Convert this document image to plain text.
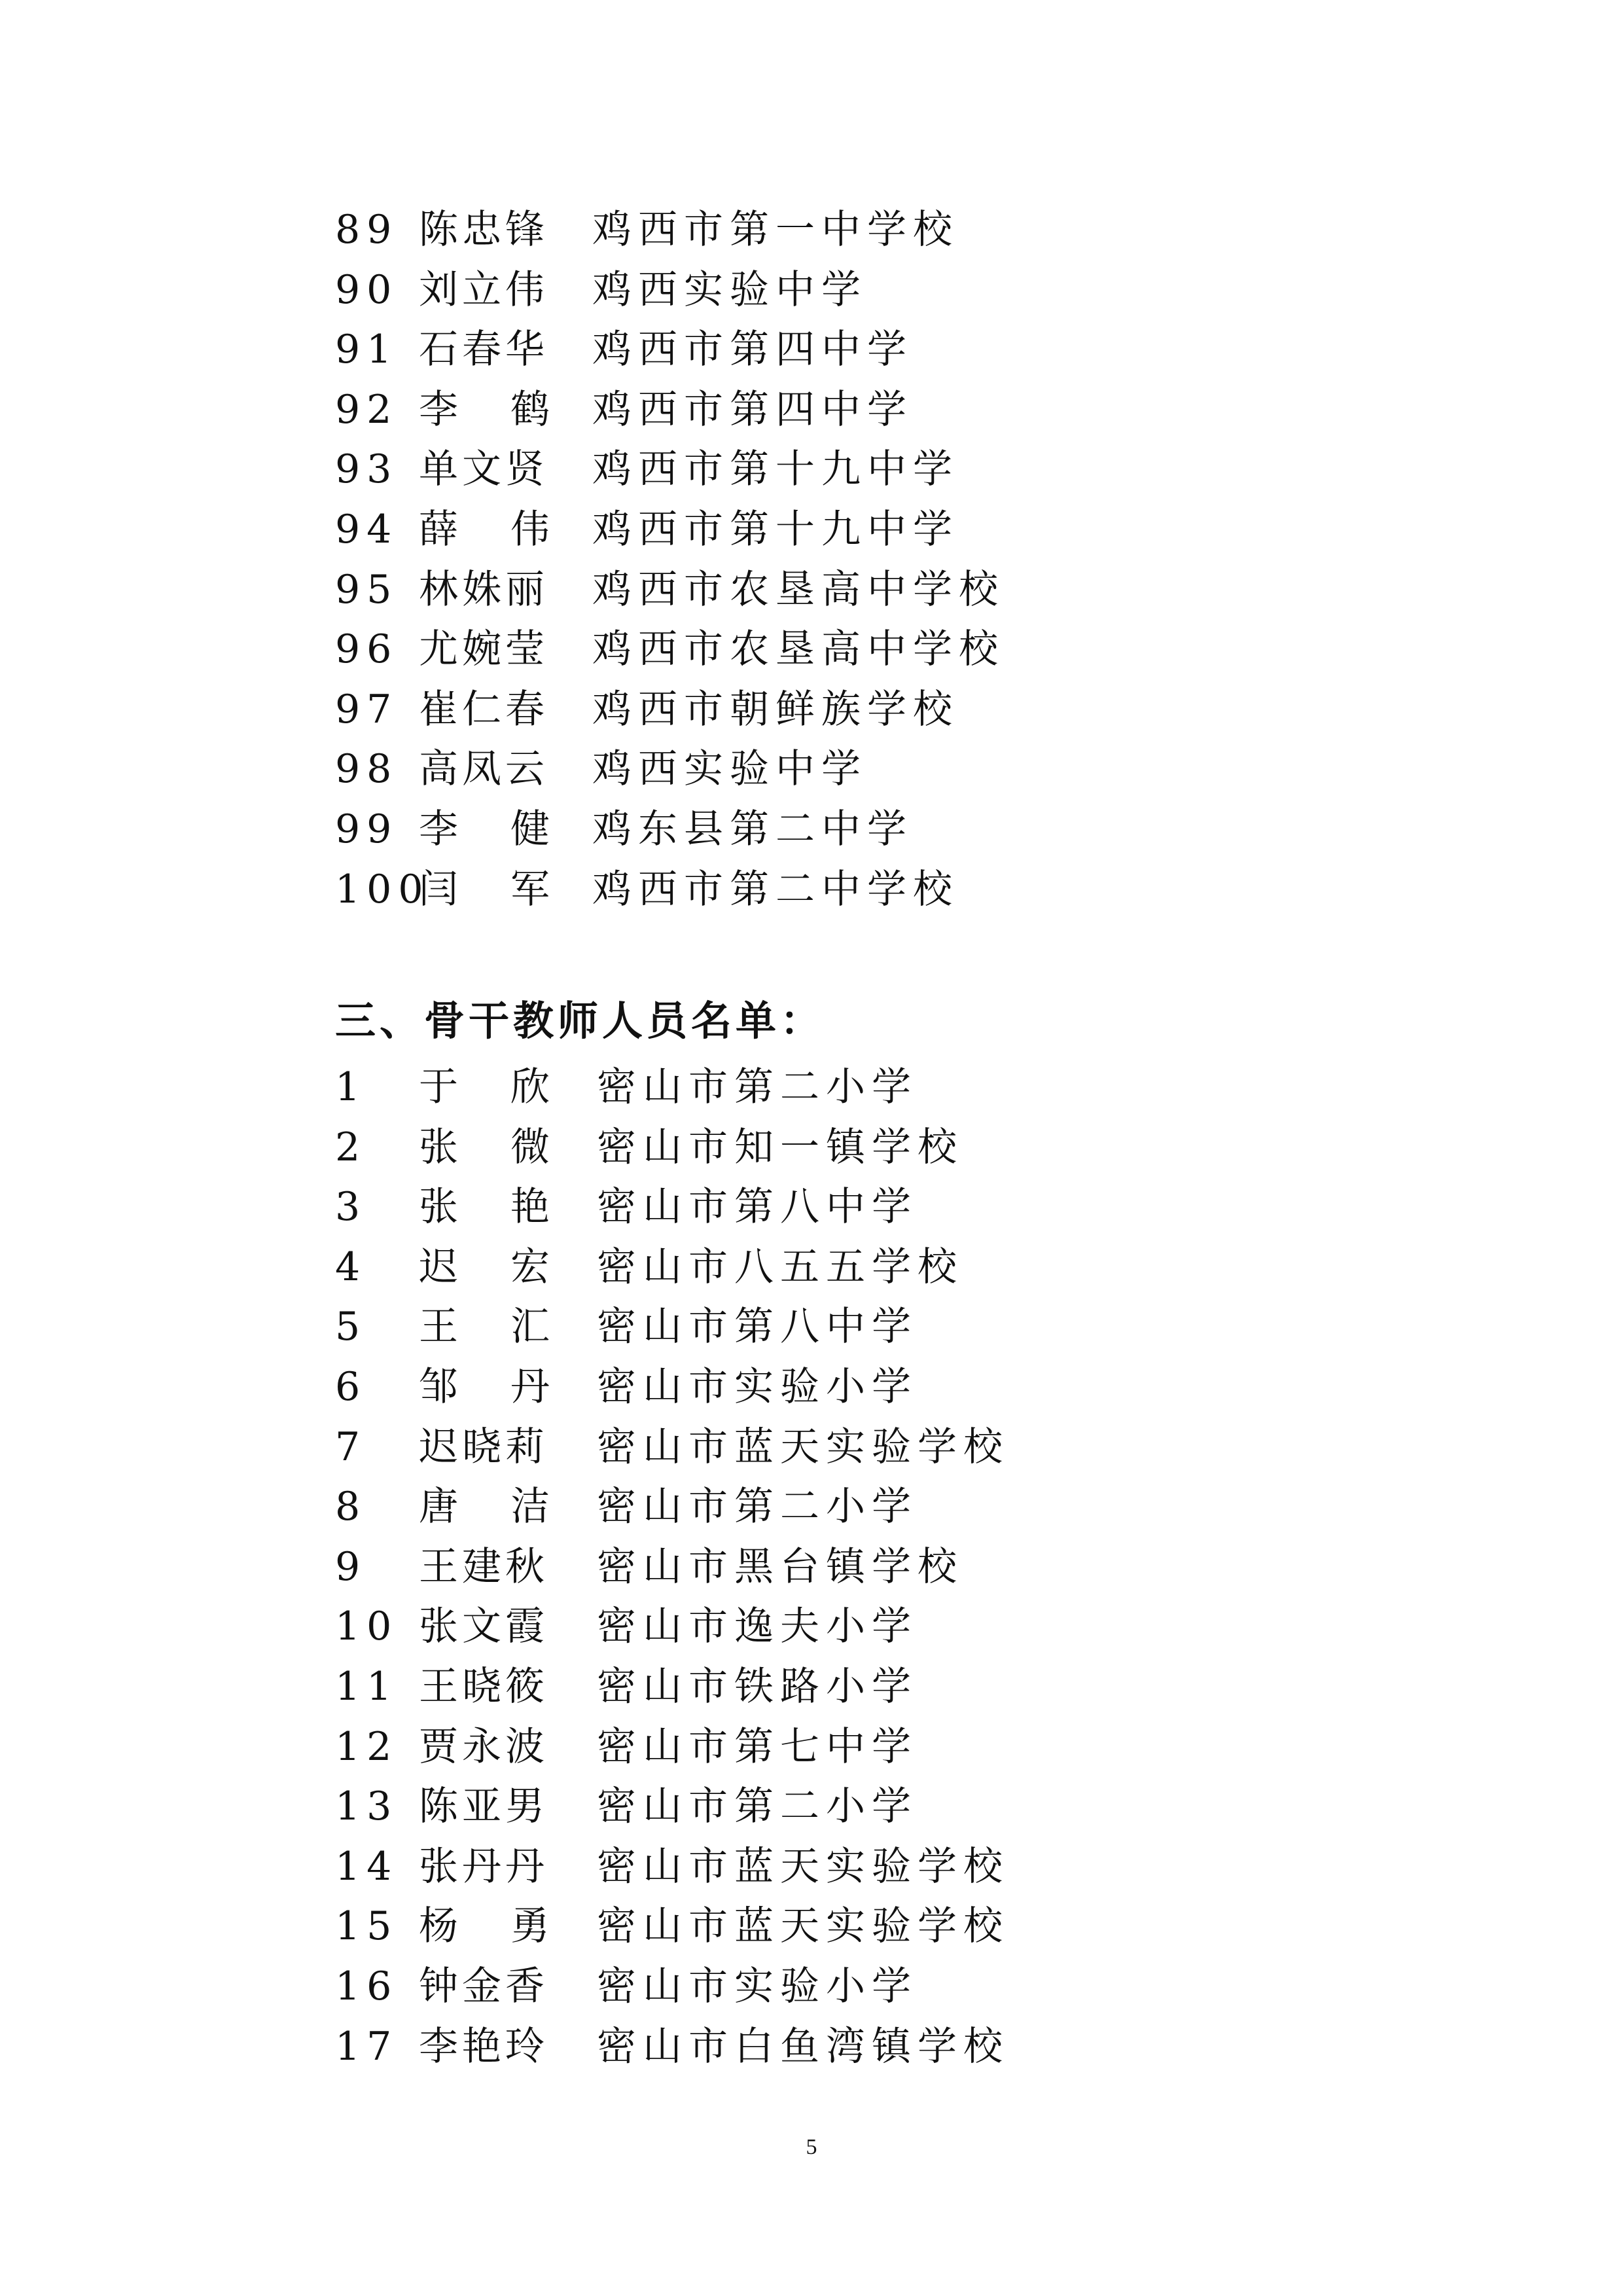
89 陈忠锋 鸡西市第一中学校
90 刘立伟 鸡西实验中学
91 石春华 鸡西市第四中学
92 李 鹤 鸡西市第四中学
93 单文贤 鸡西市第十九中学
94 薛 伟 鸡西市第十九中学
95 林姝丽 鸡西市农垦高中学校
96 尤婉莹 鸡西市农垦高中学校
97 崔仁春 鸡西市朝鲜族学校
98 高凤云 鸡西实验中学
99 李 健 鸡东县第二中学
100
闫 军 鸡西市第二中学校
三、骨干教师人员名单：
1 于 欣 密山市第二小学
2 张 微 密山市知一镇学校
3 张 艳 密山市第八中学
4 迟 宏 密山市八五五学校
5 王 汇 密山市第八中学
6 邹 丹 密山市实验小学
7 迟晓莉 密山市蓝天实验学校
8 唐 洁 密山市第二小学
9 王建秋 密山市黑台镇学校
10 张文霞 密山市逸夫小学
11 王晓筱 密山市铁路小学
12 贾永波 密山市第七中学
13 陈亚男 密山市第二小学
14 张丹丹 密山市蓝天实验学校
15 杨 勇 密山市蓝天实验学校
16 钟金香 密山市实验小学
17 李艳玲 密山市白鱼湾镇学校
5
